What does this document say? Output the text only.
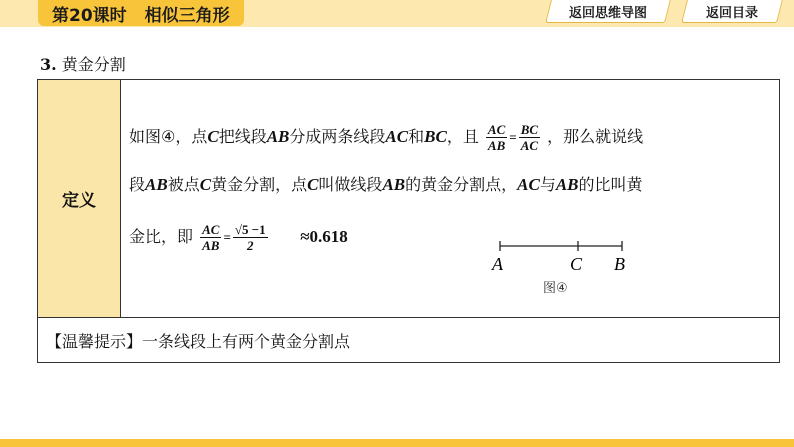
第20课时 相似三角形	返回思维导图	返回目录
3. 黄金分割
定义
如图④，点C把线段AB分成两条线段AC和BC，且 $\frac{AC}{AB} = \frac{BC}{AC}$ ，那么就说线
段AB被点C黄金分割，点C叫做线段AB的黄金分割点，AC与AB的比叫黄
金比，即 $\frac{AC}{AB} = \frac{√5 -1}{2} \approx 0.618$
A	C B
图④
【温馨提示】一条线段上有两个黄金分割点
